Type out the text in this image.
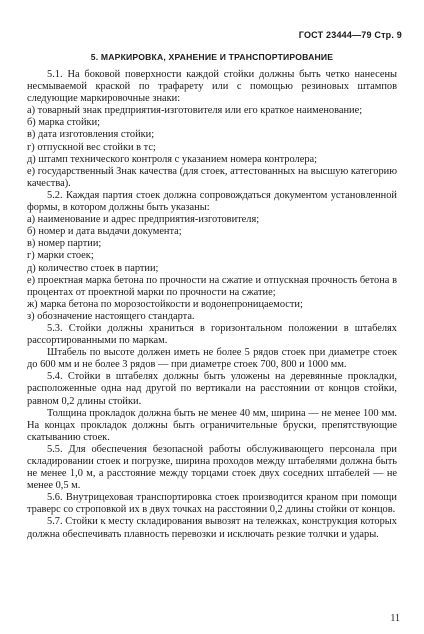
ГОСТ 23444—79 Стр. 9
5. МАРКИРОВКА, ХРАНЕНИЕ И ТРАНСПОРТИРОВАНИЕ

5.1. На боковой поверхности каждой стойки должны быть четко нанесены несмываемой краской по трафарету или с помощью резиновых штампов следующие маркировочные знаки:

а) товарный знак предприятия-изготовителя или его краткое наименование;

б) марка стойки;

в) дата изготовления стойки;

г) отпускной вес стойки в тс;

д) штамп технического контроля с указанием номера контролера;

е) государственный Знак качества (для стоек, аттестованных на высшую категорию качества).

5.2. Каждая партия стоек должна сопровождаться документом установленной формы, в котором должны быть указаны:

а) наименование и адрес предприятия-изготовителя;

б) номер и дата выдачи документа;

в) номер партии;

г) марки стоек;

д) количество стоек в партии;

е) проектная марка бетона по прочности на сжатие и отпускная прочность бетона в процентах от проектной марки по прочности на сжатие;

ж) марка бетона по морозостойкости и водонепроницаемости;

з) обозначение настоящего стандарта.

5.3. Стойки должны храниться в горизонтальном положении в штабелях рассортированными по маркам.

Штабель по высоте должен иметь не более 5 рядов стоек при диаметре стоек до 600 мм и не более 3 рядов — при диаметре стоек 700, 800 и 1000 мм.

5.4. Стойки в штабелях должны быть уложены на деревянные прокладки, расположенные одна над другой по вертикали на расстоянии от концов стойки, равном 0,2 длины стойки.

Толщина прокладок должна быть не менее 40 мм, ширина — не менее 100 мм. На концах прокладок должны быть ограничительные бруски, препятствующие скатыванию стоек.

5.5. Для обеспечения безопасной работы обслуживающего персонала при складировании стоек и погрузке, ширина проходов между штабелями должна быть не менее 1,0 м, а расстояние между торцами стоек двух соседних штабелей — не менее 0,5 м.

5.6. Внутрицеховая транспортировка стоек производится краном при помощи траверс со строповкой их в двух точках на расстоянии 0,2 длины стойки от концов.

5.7. Стойки к месту складирования вывозят на тележках, конструкция которых должна обеспечивать плавность перевозки и исключать резкие толчки и удары.

11
